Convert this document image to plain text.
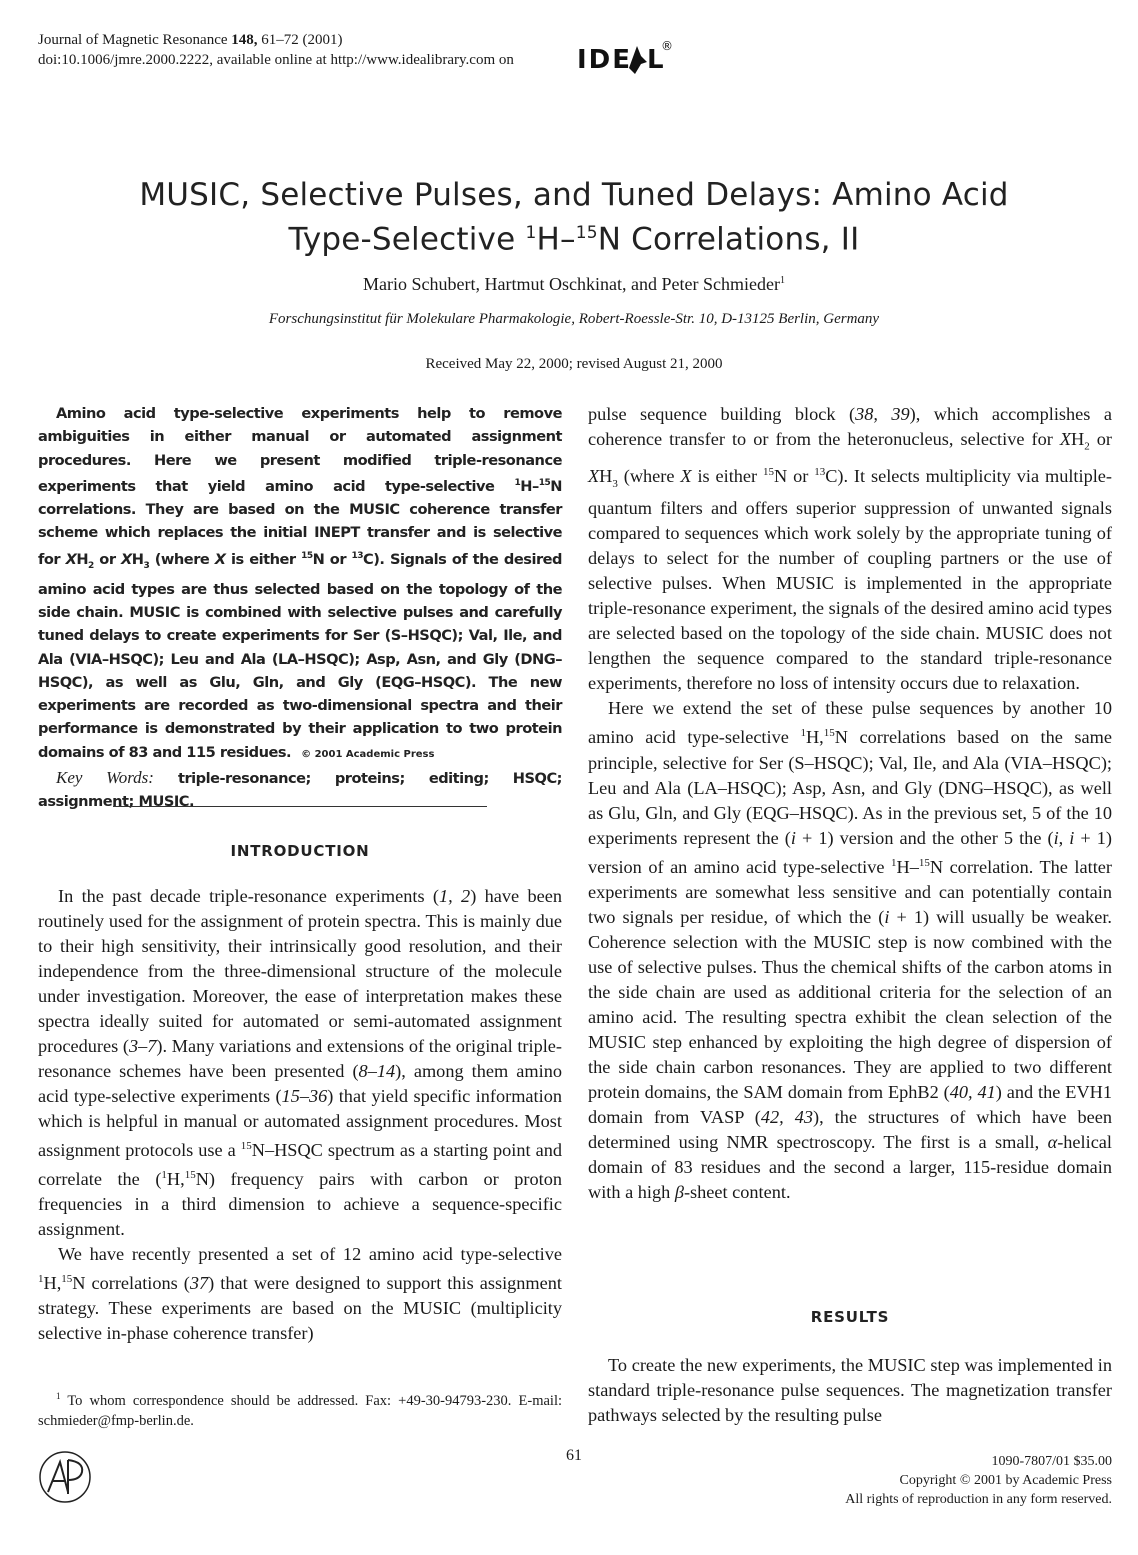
Journal of Magnetic Resonance 148, 61–72 (2001)
doi:10.1006/jmre.2000.2222, available online at http://www.idealibrary.com on IDE L
®
MUSIC, Selective Pulses, and Tuned Delays: Amino Acid
Type-Selective $^1$H–$^{15}$N Correlations, II
Mario Schubert, Hartmut Oschkinat, and Peter Schmieder$^1$
Forschungsinstitut für Molekulare Pharmakologie, Robert-Roessle-Str. 10, D-13125 Berlin, Germany
Received May 22, 2000; revised August 21, 2000

Amino acid type-selective experiments help to remove ambiguities in either manual or automated assignment procedures. Here we present modified triple-resonance experiments that yield amino acid type-selective $^1$H–$^{15}$N correlations. They are based on the MUSIC coherence transfer scheme which replaces the initial INEPT transfer and is selective for $XH_2$ or $XH_3$ (where X is either $^{15}$N or $^{13}$C). Signals of the desired amino acid types are thus selected based on the topology of the side chain. MUSIC is combined with selective pulses and carefully tuned delays to create experiments for Ser (S–HSQC); Val, Ile, and Ala (VIA–HSQC); Leu and Ala (LA–HSQC); Asp, Asn, and Gly (DNG–HSQC), as well as Glu, Gln, and Gly (EQG–HSQC). The new experiments are recorded as two-dimensional spectra and their performance is demonstrated by their application to two protein domains of 83 and 115 residues. © 2001 Academic Press

Key Words: triple-resonance; proteins; editing; HSQC; assignment; MUSIC.

INTRODUCTION

In the past decade triple-resonance experiments (1, 2) have been routinely used for the assignment of protein spectra. This is mainly due to their high sensitivity, their intrinsically good resolution, and their independence from the three-dimensional structure of the molecule under investigation. Moreover, the ease of interpretation makes these spectra ideally suited for automated or semi-automated assignment procedures (3–7). Many variations and extensions of the original triple-resonance schemes have been presented (8–14), among them amino acid type-selective experiments (15–36) that yield specific information which is helpful in manual or automated assignment procedures. Most assignment protocols use a $^{15}$N–HSQC spectrum as a starting point and correlate the ($^1$H,$^{15}$N) frequency pairs with carbon or proton frequencies in a third dimension to achieve a sequence-specific assignment.

We have recently presented a set of 12 amino acid type-selective $^1$H,$^{15}$N correlations (37) that were designed to support this assignment strategy. These experiments are based on the MUSIC (multiplicity selective in-phase coherence transfer)

$^1$ To whom correspondence should be addressed. Fax: +49-30-94793-230. E-mail: schmieder@fmp-berlin.de.

pulse sequence building block (38, 39), which accomplishes a coherence transfer to or from the heteronucleus, selective for $XH_2$ or $XH_3$ (where X is either $^{15}$N or $^{13}$C). It selects multiplicity via multiple-quantum filters and offers superior suppression of unwanted signals compared to sequences which work solely by the appropriate tuning of delays to select for the number of coupling partners or the use of selective pulses. When MUSIC is implemented in the appropriate triple-resonance experiment, the signals of the desired amino acid types are selected based on the topology of the side chain. MUSIC does not lengthen the sequence compared to the standard triple-resonance experiments, therefore no loss of intensity occurs due to relaxation.

Here we extend the set of these pulse sequences by another 10 amino acid type-selective $^1$H,$^{15}$N correlations based on the same principle, selective for Ser (S–HSQC); Val, Ile, and Ala (VIA–HSQC); Leu and Ala (LA–HSQC); Asp, Asn, and Gly (DNG–HSQC), as well as Glu, Gln, and Gly (EQG–HSQC). As in the previous set, 5 of the 10 experiments represent the (i + 1) version and the other 5 the (i, i + 1) version of an amino acid type-selective $^1$H–$^{15}$N correlation. The latter experiments are somewhat less sensitive and can potentially contain two signals per residue, of which the (i + 1) will usually be weaker. Coherence selection with the MUSIC step is now combined with the use of selective pulses. Thus the chemical shifts of the carbon atoms in the side chain are used as additional criteria for the selection of an amino acid. The resulting spectra exhibit the clean selection of the MUSIC step enhanced by exploiting the high degree of dispersion of the side chain carbon resonances. They are applied to two different protein domains, the SAM domain from EphB2 (40, 41) and the EVH1 domain from VASP (42, 43), the structures of which have been determined using NMR spectroscopy. The first is a small, α-helical domain of 83 residues and the second a larger, 115-residue domain with a high β-sheet content.

RESULTS

To create the new experiments, the MUSIC step was implemented in standard triple-resonance pulse sequences. The magnetization transfer pathways selected by the resulting pulse

61	1090-7807/01 $35.00
Copyright © 2001 by Academic Press
All rights of reproduction in any form reserved.
